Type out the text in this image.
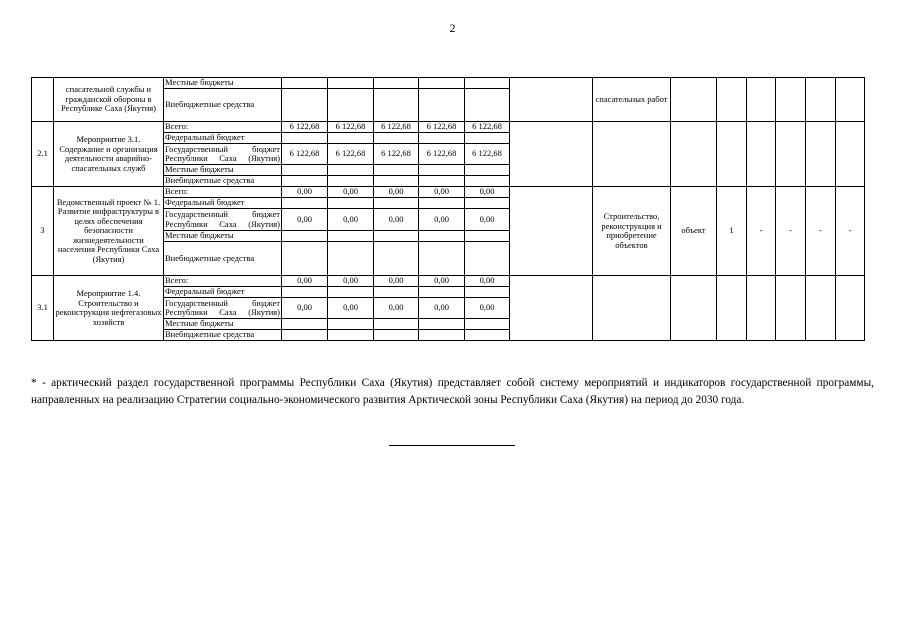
2
	спасательной службы и гражданской обороны в Республике Саха (Якутия)	Местные бюджеты							спасательных работ						
		Внебюджетные средства													
2.1	Мероприятие 3.1. Содержание и организация деятельности аварийно-спасательных служб	Всего:	6 122,68	6 122,68	6 122,68	6 122,68	6 122,68								
		Федеральный бюджет													
		Государственный бюджет Республики Саха (Якутия)	6 122,68	6 122,68	6 122,68	6 122,68	6 122,68								
		Местные бюджеты													
		Внебюджетные средства													
3	Ведомственный проект № 1. Развитие инфраструктуры в целях обеспечения безопасности жизнедеятельности населения Республики Саха (Якутия)	Всего:	0,00	0,00	0,00	0,00	0,00		Строительство, реконструкция и приобретение объектов	объект	1	-	-	-	-
		Федеральный бюджет													
		Государственный бюджет Республики Саха (Якутия)	0,00	0,00	0,00	0,00	0,00								
		Местные бюджеты													
		Внебюджетные средства													
3.1	Мероприятие 1.4. Строительство и реконструкция нефтегазовых хозяйств	Всего:	0,00	0,00	0,00	0,00	0,00								
		Федеральный бюджет													
		Государственный бюджет Республики Саха (Якутия)	0,00	0,00	0,00	0,00	0,00								
		Местные бюджеты													
		Внебюджетные средства													
* - арктический раздел государственной программы Республики Саха (Якутия) представляет собой систему мероприятий и индикаторов государственной программы, направленных на реализацию Стратегии социально-экономического развития Арктической зоны Республики Саха (Якутия) на период до 2030 года.
